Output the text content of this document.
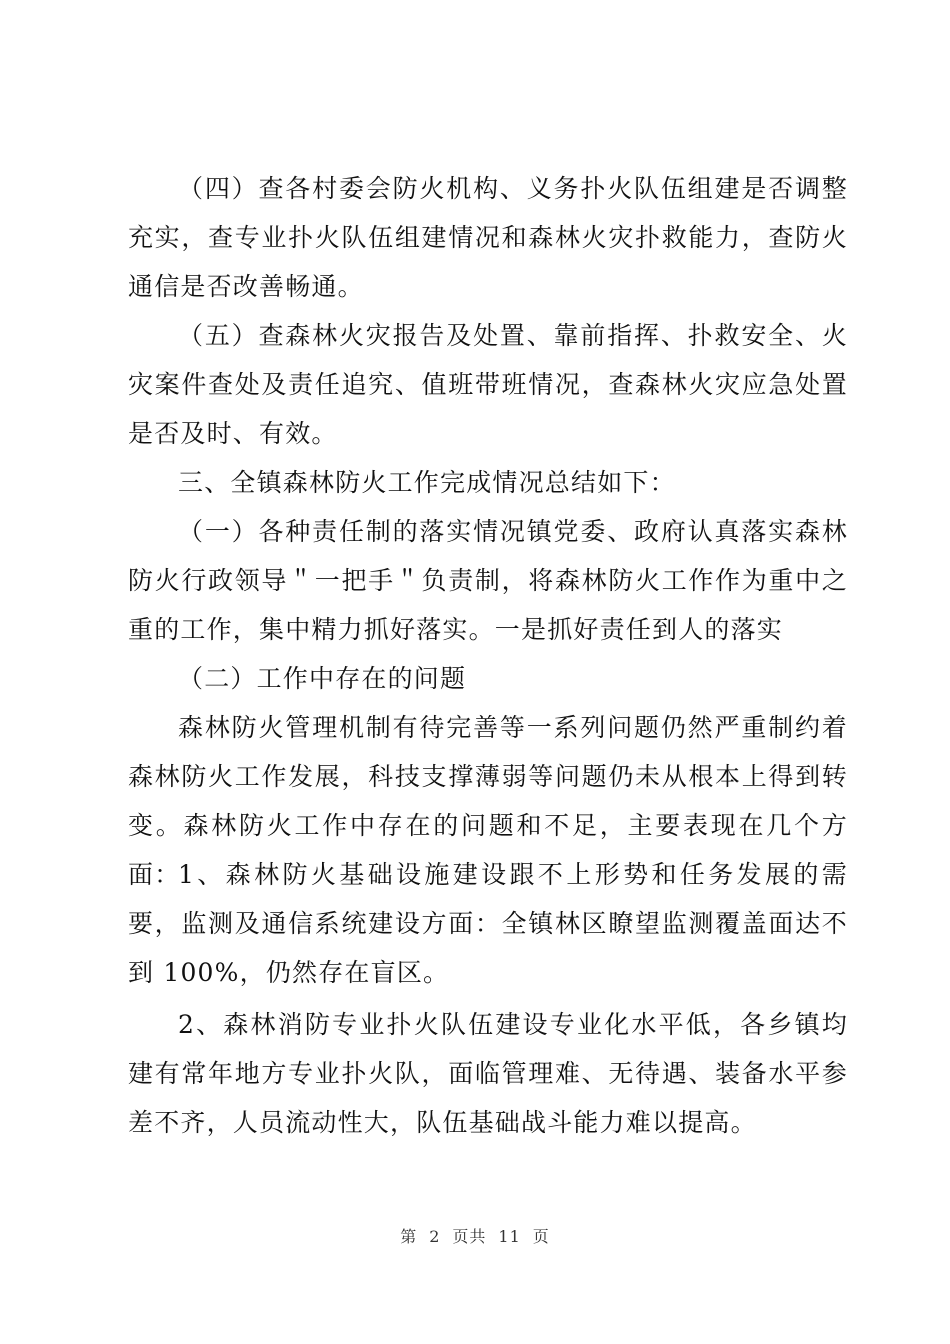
（四）查各村委会防火机构、义务扑火队伍组建是否调整充实，查专业扑火队伍组建情况和森林火灾扑救能力，查防火通信是否改善畅通。

（五）查森林火灾报告及处置、靠前指挥、扑救安全、火灾案件查处及责任追究、值班带班情况，查森林火灾应急处置是否及时、有效。

三、全镇森林防火工作完成情况总结如下：

（一）各种责任制的落实情况镇党委、政府认真落实森林防火行政领导＂一把手＂负责制，将森林防火工作作为重中之重的工作，集中精力抓好落实。一是抓好责任到人的落实

（二）工作中存在的问题

森林防火管理机制有待完善等一系列问题仍然严重制约着森林防火工作发展，科技支撑薄弱等问题仍未从根本上得到转变。森林防火工作中存在的问题和不足，主要表现在几个方面：

1、森林防火基础设施建设跟不上形势和任务发展的需要，监测及通信系统建设方面：全镇林区瞭望监测覆盖面达不到 100%，仍然存在盲区。

2、森林消防专业扑火队伍建设专业化水平低，各乡镇均建有常年地方专业扑火队，面临管理难、无待遇、装备水平参差不齐，人员流动性大，队伍基础战斗能力难以提高。

第 2 页共 11 页
